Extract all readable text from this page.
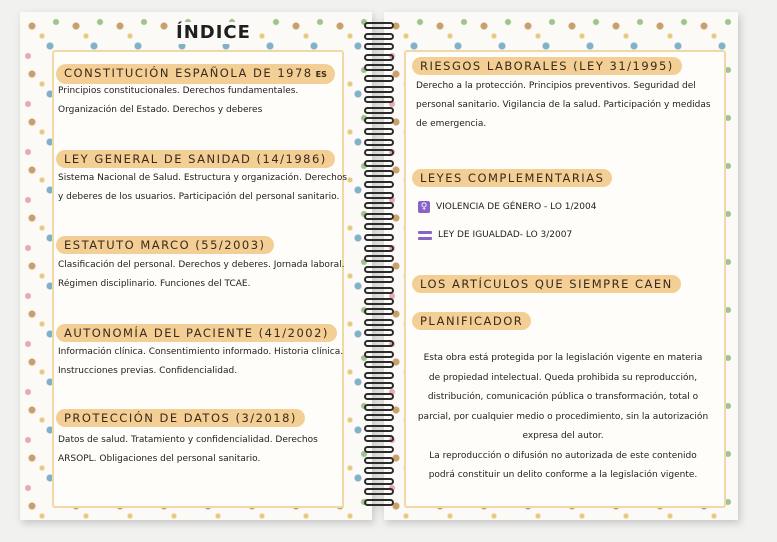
ÍNDICE
CONSTITUCIÓN ESPAÑOLA DE 1978 ES
Principios constitucionales. Derechos fundamentales.
Organización del Estado. Derechos y deberes
LEY GENERAL DE SANIDAD (14/1986)
Sistema Nacional de Salud. Estructura y organización. Derechos
y deberes de los usuarios. Participación del personal sanitario.
ESTATUTO MARCO (55/2003)
Clasificación del personal. Derechos y deberes. Jornada laboral.
Régimen disciplinario. Funciones del TCAE.
AUTONOMÍA DEL PACIENTE (41/2002)
Información clínica. Consentimiento informado. Historia clínica.
Instrucciones previas. Confidencialidad.
PROTECCIÓN DE DATOS (3/2018)
Datos de salud. Tratamiento y confidencialidad. Derechos
ARSOPL. Obligaciones del personal sanitario.
RIESGOS LABORALES (LEY 31/1995)
Derecho a la protección. Principios preventivos. Seguridad del
personal sanitario. Vigilancia de la salud. Participación y medidas
de emergencia.
LEYES COMPLEMENTARIAS
♀ VIOLENCIA DE GÉNERO - LO 1/2004
LEY DE IGUALDAD- LO 3/2007
LOS ARTÍCULOS QUE SIEMPRE CAEN
PLANIFICADOR
Esta obra está protegida por la legislación vigente en materia
de propiedad intelectual. Queda prohibida su reproducción,
distribución, comunicación pública o transformación, total o
parcial, por cualquier medio o procedimiento, sin la autorización
expresa del autor.
La reproducción o difusión no autorizada de este contenido
podrá constituir un delito conforme a la legislación vigente.
